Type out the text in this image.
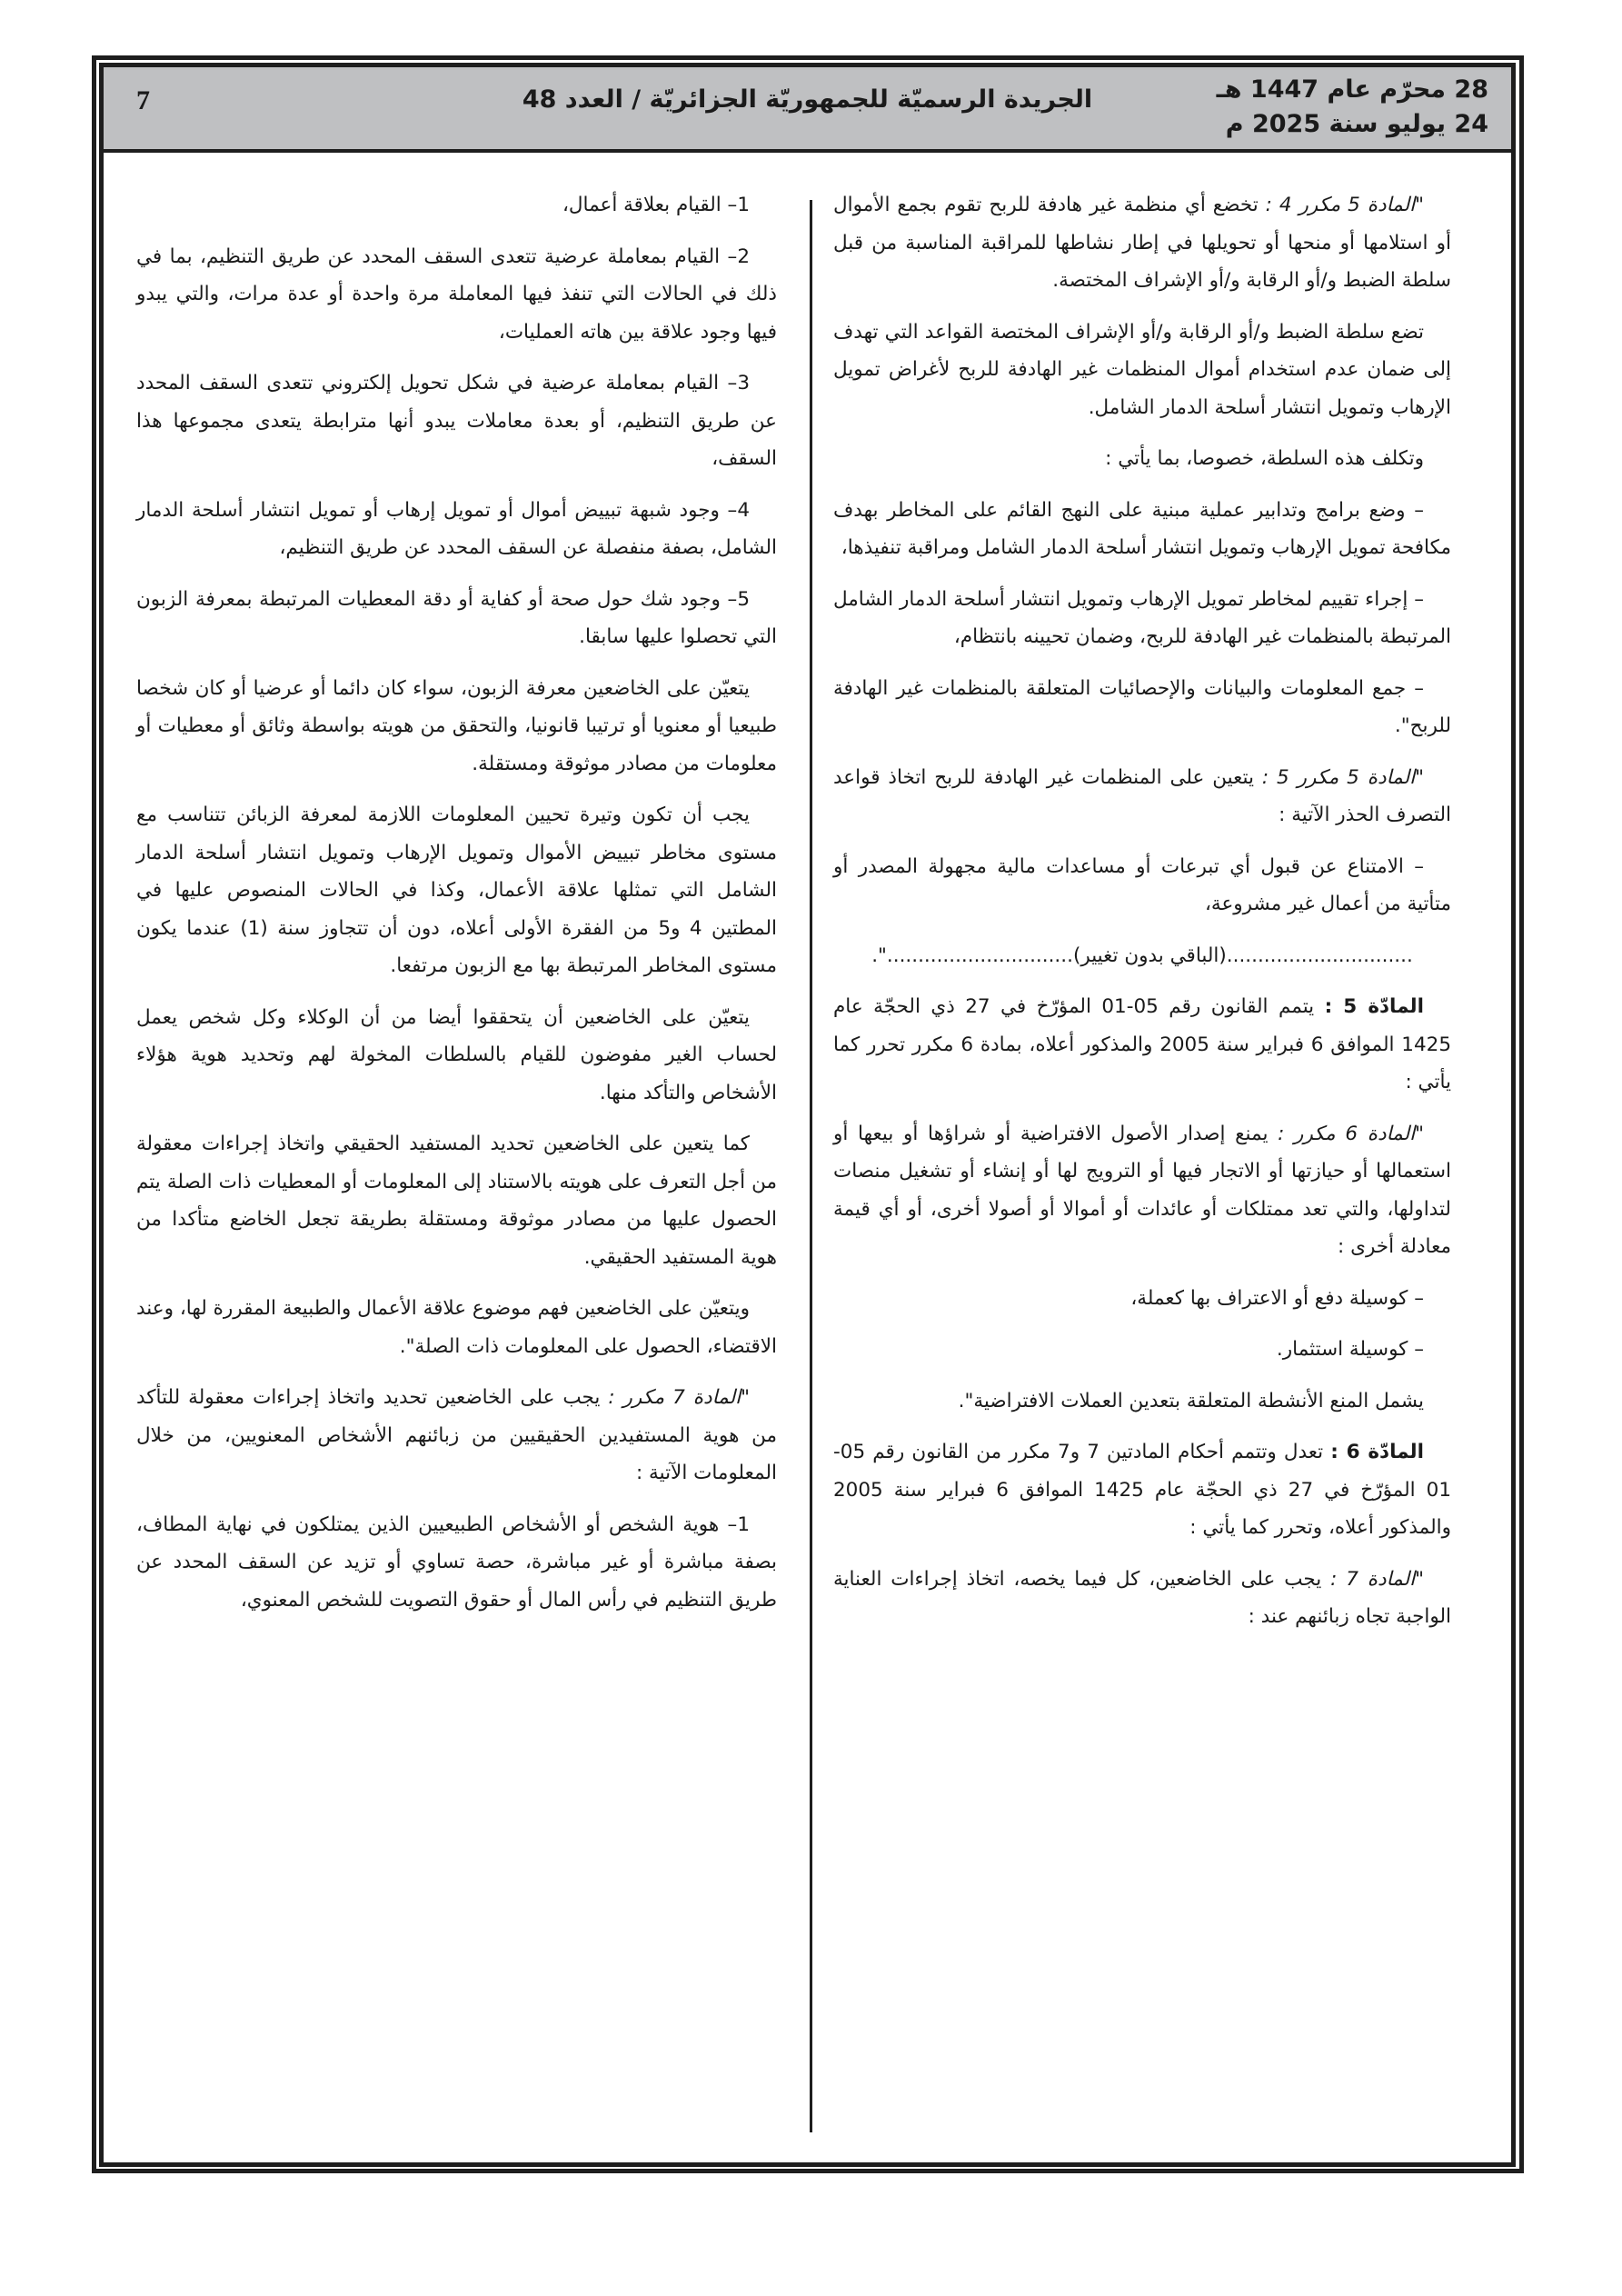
7	الجريدة الرسميّة للجمهوريّة الجزائريّة / العدد 48	28 محرّم عام 1447 هـ
24 يوليو سنة 2025 م

"المادة 5 مكرر 4 : تخضع أي منظمة غير هادفة للربح تقوم بجمع الأموال أو استلامها أو منحها أو تحويلها في إطار نشاطها للمراقبة المناسبة من قبل سلطة الضبط و/أو الرقابة و/أو الإشراف المختصة.

تضع سلطة الضبط و/أو الرقابة و/أو الإشراف المختصة القواعد التي تهدف إلى ضمان عدم استخدام أموال المنظمات غير الهادفة للربح لأغراض تمويل الإرهاب وتمويل انتشار أسلحة الدمار الشامل.

وتكلف هذه السلطة، خصوصا، بما يأتي :

– وضع برامج وتدابير عملية مبنية على النهج القائم على المخاطر بهدف مكافحة تمويل الإرهاب وتمويل انتشار أسلحة الدمار الشامل ومراقبة تنفيذها،

– إجراء تقييم لمخاطر تمويل الإرهاب وتمويل انتشار أسلحة الدمار الشامل المرتبطة بالمنظمات غير الهادفة للربح، وضمان تحيينه بانتظام،

– جمع المعلومات والبيانات والإحصائيات المتعلقة بالمنظمات غير الهادفة للربح".

"المادة 5 مكرر 5 : يتعين على المنظمات غير الهادفة للربح اتخاذ قواعد التصرف الحذر الآتية :

– الامتناع عن قبول أي تبرعات أو مساعدات مالية مجهولة المصدر أو متأتية من أعمال غير مشروعة،

..............................(الباقي بدون تغيير)..............................".

المادّة 5 : يتمم القانون رقم 05-01 المؤرّخ في 27 ذي الحجّة عام 1425 الموافق 6 فبراير سنة 2005 والمذكور أعلاه، بمادة 6 مكرر تحرر كما يأتي :

"المادة 6 مكرر : يمنع إصدار الأصول الافتراضية أو شراؤها أو بيعها أو استعمالها أو حيازتها أو الاتجار فيها أو الترويج لها أو إنشاء أو تشغيل منصات لتداولها، والتي تعد ممتلكات أو عائدات أو أموالا أو أصولا أخرى، أو أي قيمة معادلة أخرى :

– كوسيلة دفع أو الاعتراف بها كعملة،

– كوسيلة استثمار.

يشمل المنع الأنشطة المتعلقة بتعدين العملات الافتراضية".

المادّة 6 : تعدل وتتمم أحكام المادتين 7 و7 مكرر من القانون رقم 05-01 المؤرّخ في 27 ذي الحجّة عام 1425 الموافق 6 فبراير سنة 2005 والمذكور أعلاه، وتحرر كما يأتي :

"المادة 7 : يجب على الخاضعين، كل فيما يخصه، اتخاذ إجراءات العناية الواجبة تجاه زبائنهم عند :

1– القيام بعلاقة أعمال،

2– القيام بمعاملة عرضية تتعدى السقف المحدد عن طريق التنظيم، بما في ذلك في الحالات التي تنفذ فيها المعاملة مرة واحدة أو عدة مرات، والتي يبدو فيها وجود علاقة بين هاته العمليات،

3– القيام بمعاملة عرضية في شكل تحويل إلكتروني تتعدى السقف المحدد عن طريق التنظيم، أو بعدة معاملات يبدو أنها مترابطة يتعدى مجموعها هذا السقف،

4– وجود شبهة تبييض أموال أو تمويل إرهاب أو تمويل انتشار أسلحة الدمار الشامل، بصفة منفصلة عن السقف المحدد عن طريق التنظيم،

5– وجود شك حول صحة أو كفاية أو دقة المعطيات المرتبطة بمعرفة الزبون التي تحصلوا عليها سابقا.

يتعيّن على الخاضعين معرفة الزبون، سواء كان دائما أو عرضيا أو كان شخصا طبيعيا أو معنويا أو ترتيبا قانونيا، والتحقق من هويته بواسطة وثائق أو معطيات أو معلومات من مصادر موثوقة ومستقلة.

يجب أن تكون وتيرة تحيين المعلومات اللازمة لمعرفة الزبائن تتناسب مع مستوى مخاطر تبييض الأموال وتمويل الإرهاب وتمويل انتشار أسلحة الدمار الشامل التي تمثلها علاقة الأعمال، وكذا في الحالات المنصوص عليها في المطتين 4 و5 من الفقرة الأولى أعلاه، دون أن تتجاوز سنة (1) عندما يكون مستوى المخاطر المرتبطة بها مع الزبون مرتفعا.

يتعيّن على الخاضعين أن يتحققوا أيضا من أن الوكلاء وكل شخص يعمل لحساب الغير مفوضون للقيام بالسلطات المخولة لهم وتحديد هوية هؤلاء الأشخاص والتأكد منها.

كما يتعين على الخاضعين تحديد المستفيد الحقيقي واتخاذ إجراءات معقولة من أجل التعرف على هويته بالاستناد إلى المعلومات أو المعطيات ذات الصلة يتم الحصول عليها من مصادر موثوقة ومستقلة بطريقة تجعل الخاضع متأكدا من هوية المستفيد الحقيقي.

ويتعيّن على الخاضعين فهم موضوع علاقة الأعمال والطبيعة المقررة لها، وعند الاقتضاء، الحصول على المعلومات ذات الصلة".

"المادة 7 مكرر : يجب على الخاضعين تحديد واتخاذ إجراءات معقولة للتأكد من هوية المستفيدين الحقيقيين من زبائنهم الأشخاص المعنويين، من خلال المعلومات الآتية :

1– هوية الشخص أو الأشخاص الطبيعيين الذين يمتلكون في نهاية المطاف، بصفة مباشرة أو غير مباشرة، حصة تساوي أو تزيد عن السقف المحدد عن طريق التنظيم في رأس المال أو حقوق التصويت للشخص المعنوي،
